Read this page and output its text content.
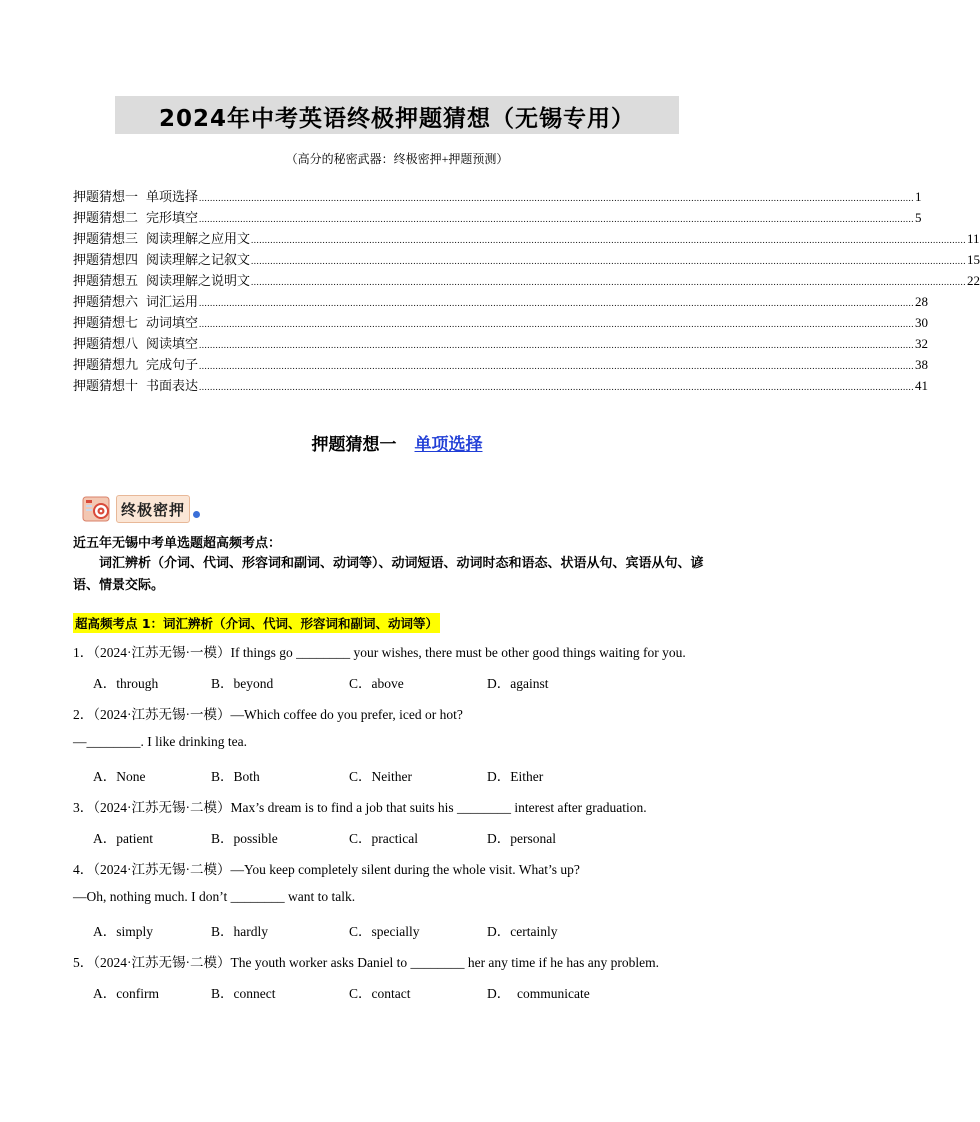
2024年中考英语终极押题猜想（无锡专用）
（高分的秘密武器：终极密押+押题预测）
押题猜想一 单项选择 .................................................................................................................................................................................................................................................................... 1
押题猜想二 完形填空 .................................................................................................................................................................................................................................................................... 5
押题猜想三 阅读理解之应用文 .................................................................................................................................................................................................................................................................... 11
押题猜想四 阅读理解之记叙文 .................................................................................................................................................................................................................................................................... 15
押题猜想五 阅读理解之说明文 .................................................................................................................................................................................................................................................................... 22
押题猜想六 词汇运用 .................................................................................................................................................................................................................................................................... 28
押题猜想七 动词填空 .................................................................................................................................................................................................................................................................... 30
押题猜想八 阅读填空 .................................................................................................................................................................................................................................................................... 32
押题猜想九 完成句子 .................................................................................................................................................................................................................................................................... 38
押题猜想十 书面表达 .................................................................................................................................................................................................................................................................... 41
押题猜想一 单项选择
终极密押
近五年无锡中考单选题超高频考点：
词汇辨析（介词、代词、形容词和副词、动词等）、动词短语、动词时态和语态、状语从句、宾语从句、谚语、情景交际。
超高频考点 1：词汇辨析（介词、代词、形容词和副词、动词等）
1．（2024·江苏无锡·一模）If things go ________ your wishes, there must be other good things waiting for you.
A．through	B．beyond	C．above	D．against
2．（2024·江苏无锡·一模）—Which coffee do you prefer, iced or hot?
—________. I like drinking tea.
A．None	B．Both	C．Neither	D．Either
3．（2024·江苏无锡·二模）Max’s dream is to find a job that suits his ________ interest after graduation.
A．patient	B．possible	C．practical	D．personal
4．（2024·江苏无锡·二模）—You keep completely silent during the whole visit. What’s up?
—Oh, nothing much. I don’t ________ want to talk.
A．simply	B．hardly	C．specially	D．certainly
5．（2024·江苏无锡·二模）The youth worker asks Daniel to ________ her any time if he has any problem.
A．confirm	B．connect	C．contact	D．　communicate
